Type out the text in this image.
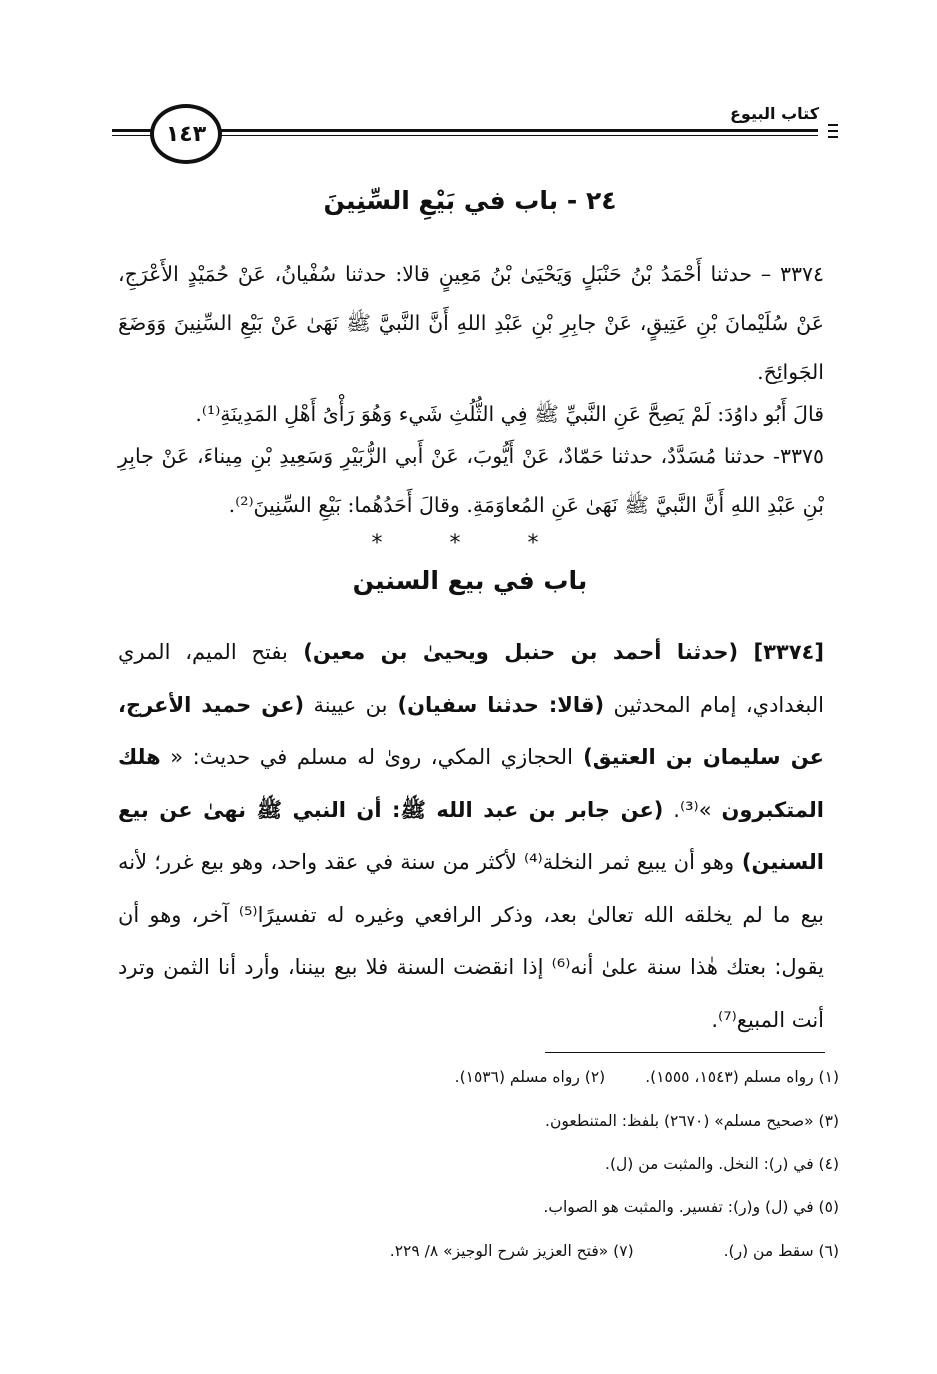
١٤٣
كتاب البيوع
٢٤ - باب في بَيْعِ السِّنِينَ
٣٣٧٤ – حدثنا أَحْمَدُ بْنُ حَنْبَلٍ وَيَحْيَىٰ بْنُ مَعِينٍ قالا: حدثنا سُفْيانُ، عَنْ حُمَيْدٍ الأَعْرَجِ، عَنْ سُلَيْمانَ بْنِ عَتِيقٍ، عَنْ جابِرِ بْنِ عَبْدِ اللهِ أَنَّ النَّبيَّ ﷺ نَهَىٰ عَنْ بَيْعِ السِّنِينَ وَوَضَعَ الجَوائِحَ.
قالَ أَبُو داوُدَ: لَمْ يَصِحَّ عَنِ النَّبيِّ ﷺ فِي الثُّلُثِ شَيء وَهُوَ رَأْىُ أَهْلِ المَدِينَةِ⁽¹⁾.
٣٣٧٥- حدثنا مُسَدَّدٌ، حدثنا حَمّادٌ، عَنْ أَيُّوبَ، عَنْ أَبي الزُّبَيْرِ وَسَعِيدِ بْنِ مِيناءَ، عَنْ جابِرِ بْنِ عَبْدِ اللهِ أَنَّ النَّبيَّ ﷺ نَهَىٰ عَنِ المُعاوَمَةِ. وقالَ أَحَدُهُما: بَيْعِ السِّنِينَ⁽²⁾.
* * *
باب في بيع السنين
[٣٣٧٤] (حدثنا أحمد بن حنبل ويحيىٰ بن معين) بفتح الميم، المري البغدادي، إمام المحدثين (قالا: حدثنا سفيان) بن عيينة (عن حميد الأعرج، عن سليمان بن العتيق) الحجازي المكي، روىٰ له مسلم في حديث: « هلك المتكبرون »⁽³⁾. (عن جابر بن عبد الله ﷺ: أن النبي ﷺ نهىٰ عن بيع السنين) وهو أن يبيع ثمر النخلة⁽⁴⁾ لأكثر من سنة في عقد واحد، وهو بيع غرر؛ لأنه بيع ما لم يخلقه الله تعالىٰ بعد، وذكر الرافعي وغيره له تفسيرًا⁽⁵⁾ آخر، وهو أن يقول: بعتك هٰذا سنة علىٰ أنه⁽⁶⁾ إذا انقضت السنة فلا بيع بيننا، وأرد أنا الثمن وترد أنت المبيع⁽⁷⁾.
(١) رواه مسلم (١٥٤٣، ١٥٥٥).(٢) رواه مسلم (١٥٣٦).
(٣) «صحيح مسلم» (٢٦٧٠) بلفظ: المتنطعون.
(٤) في (ر): النخل. والمثبت من (ل).
(٥) في (ل) و(ر): تفسير. والمثبت هو الصواب.
(٦) سقط من (ر).(٧) «فتح العزيز شرح الوجيز» ٨/ ٢٢٩.
